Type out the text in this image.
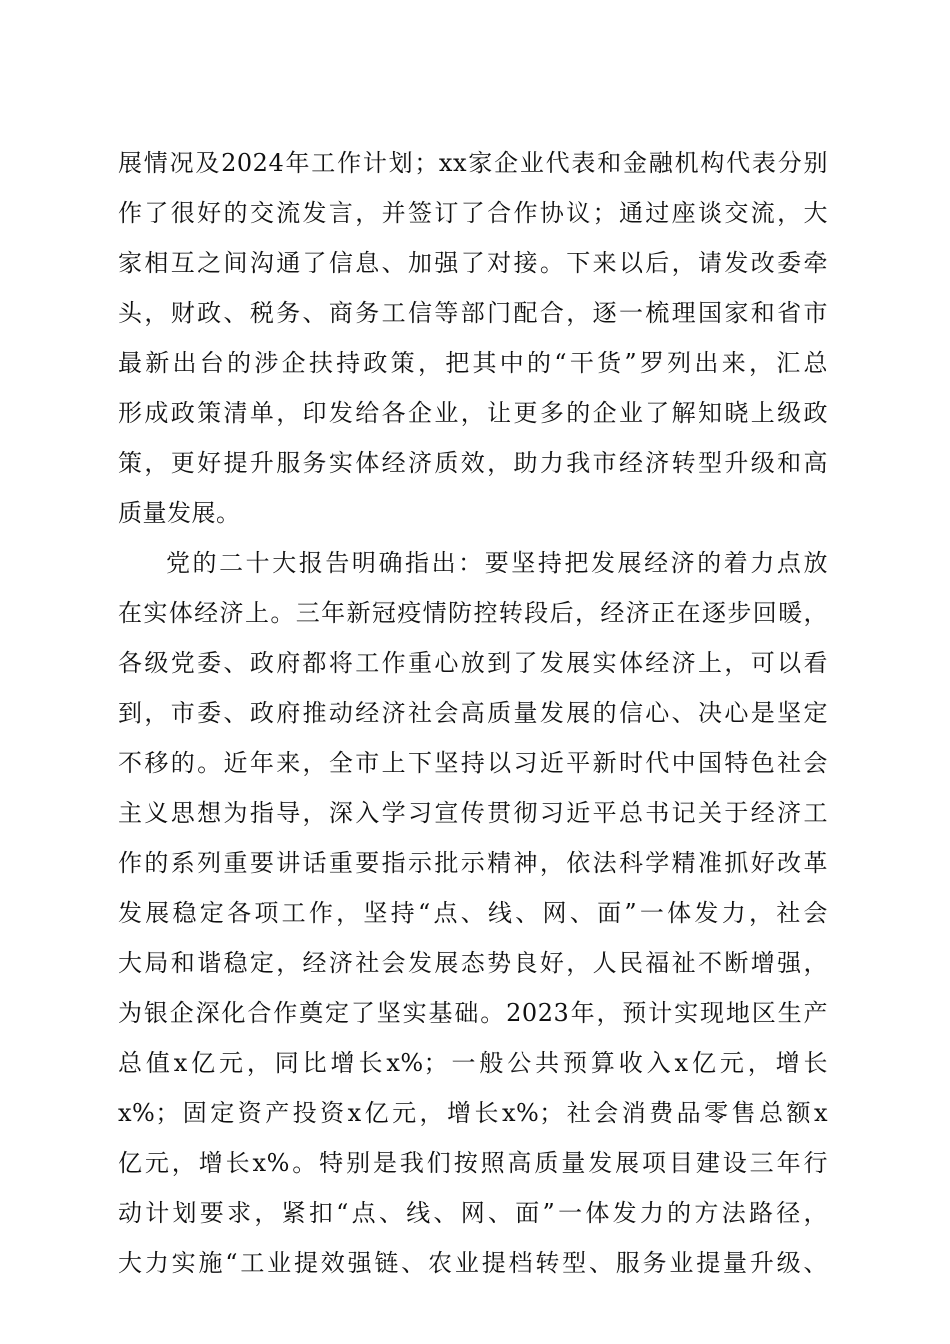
展情况及2024年工作计划；xx家企业代表和金融机构代表分别
作了很好的交流发言，并签订了合作协议；通过座谈交流，大
家相互之间沟通了信息、加强了对接。下来以后，请发改委牵
头，财政、税务、商务工信等部门配合，逐一梳理国家和省市
最新出台的涉企扶持政策，把其中的“干货”罗列出来，汇总
形成政策清单，印发给各企业，让更多的企业了解知晓上级政
策，更好提升服务实体经济质效，助力我市经济转型升级和高
质量发展。
党的二十大报告明确指出：要坚持把发展经济的着力点放
在实体经济上。三年新冠疫情防控转段后，经济正在逐步回暖，
各级党委、政府都将工作重心放到了发展实体经济上，可以看
到，市委、政府推动经济社会高质量发展的信心、决心是坚定
不移的。近年来，全市上下坚持以习近平新时代中国特色社会
主义思想为指导，深入学习宣传贯彻习近平总书记关于经济工
作的系列重要讲话重要指示批示精神，依法科学精准抓好改革
发展稳定各项工作，坚持“点、线、网、面”一体发力，社会
大局和谐稳定，经济社会发展态势良好，人民福祉不断增强，
为银企深化合作奠定了坚实基础。2023年，预计实现地区生产
总值x亿元，同比增长x%；一般公共预算收入x亿元，增长
x%；固定资产投资x亿元，增长x%；社会消费品零售总额x
亿元，增长x%。特别是我们按照高质量发展项目建设三年行
动计划要求，紧扣“点、线、网、面”一体发力的方法路径，
大力实施“工业提效强链、农业提档转型、服务业提量升级、
